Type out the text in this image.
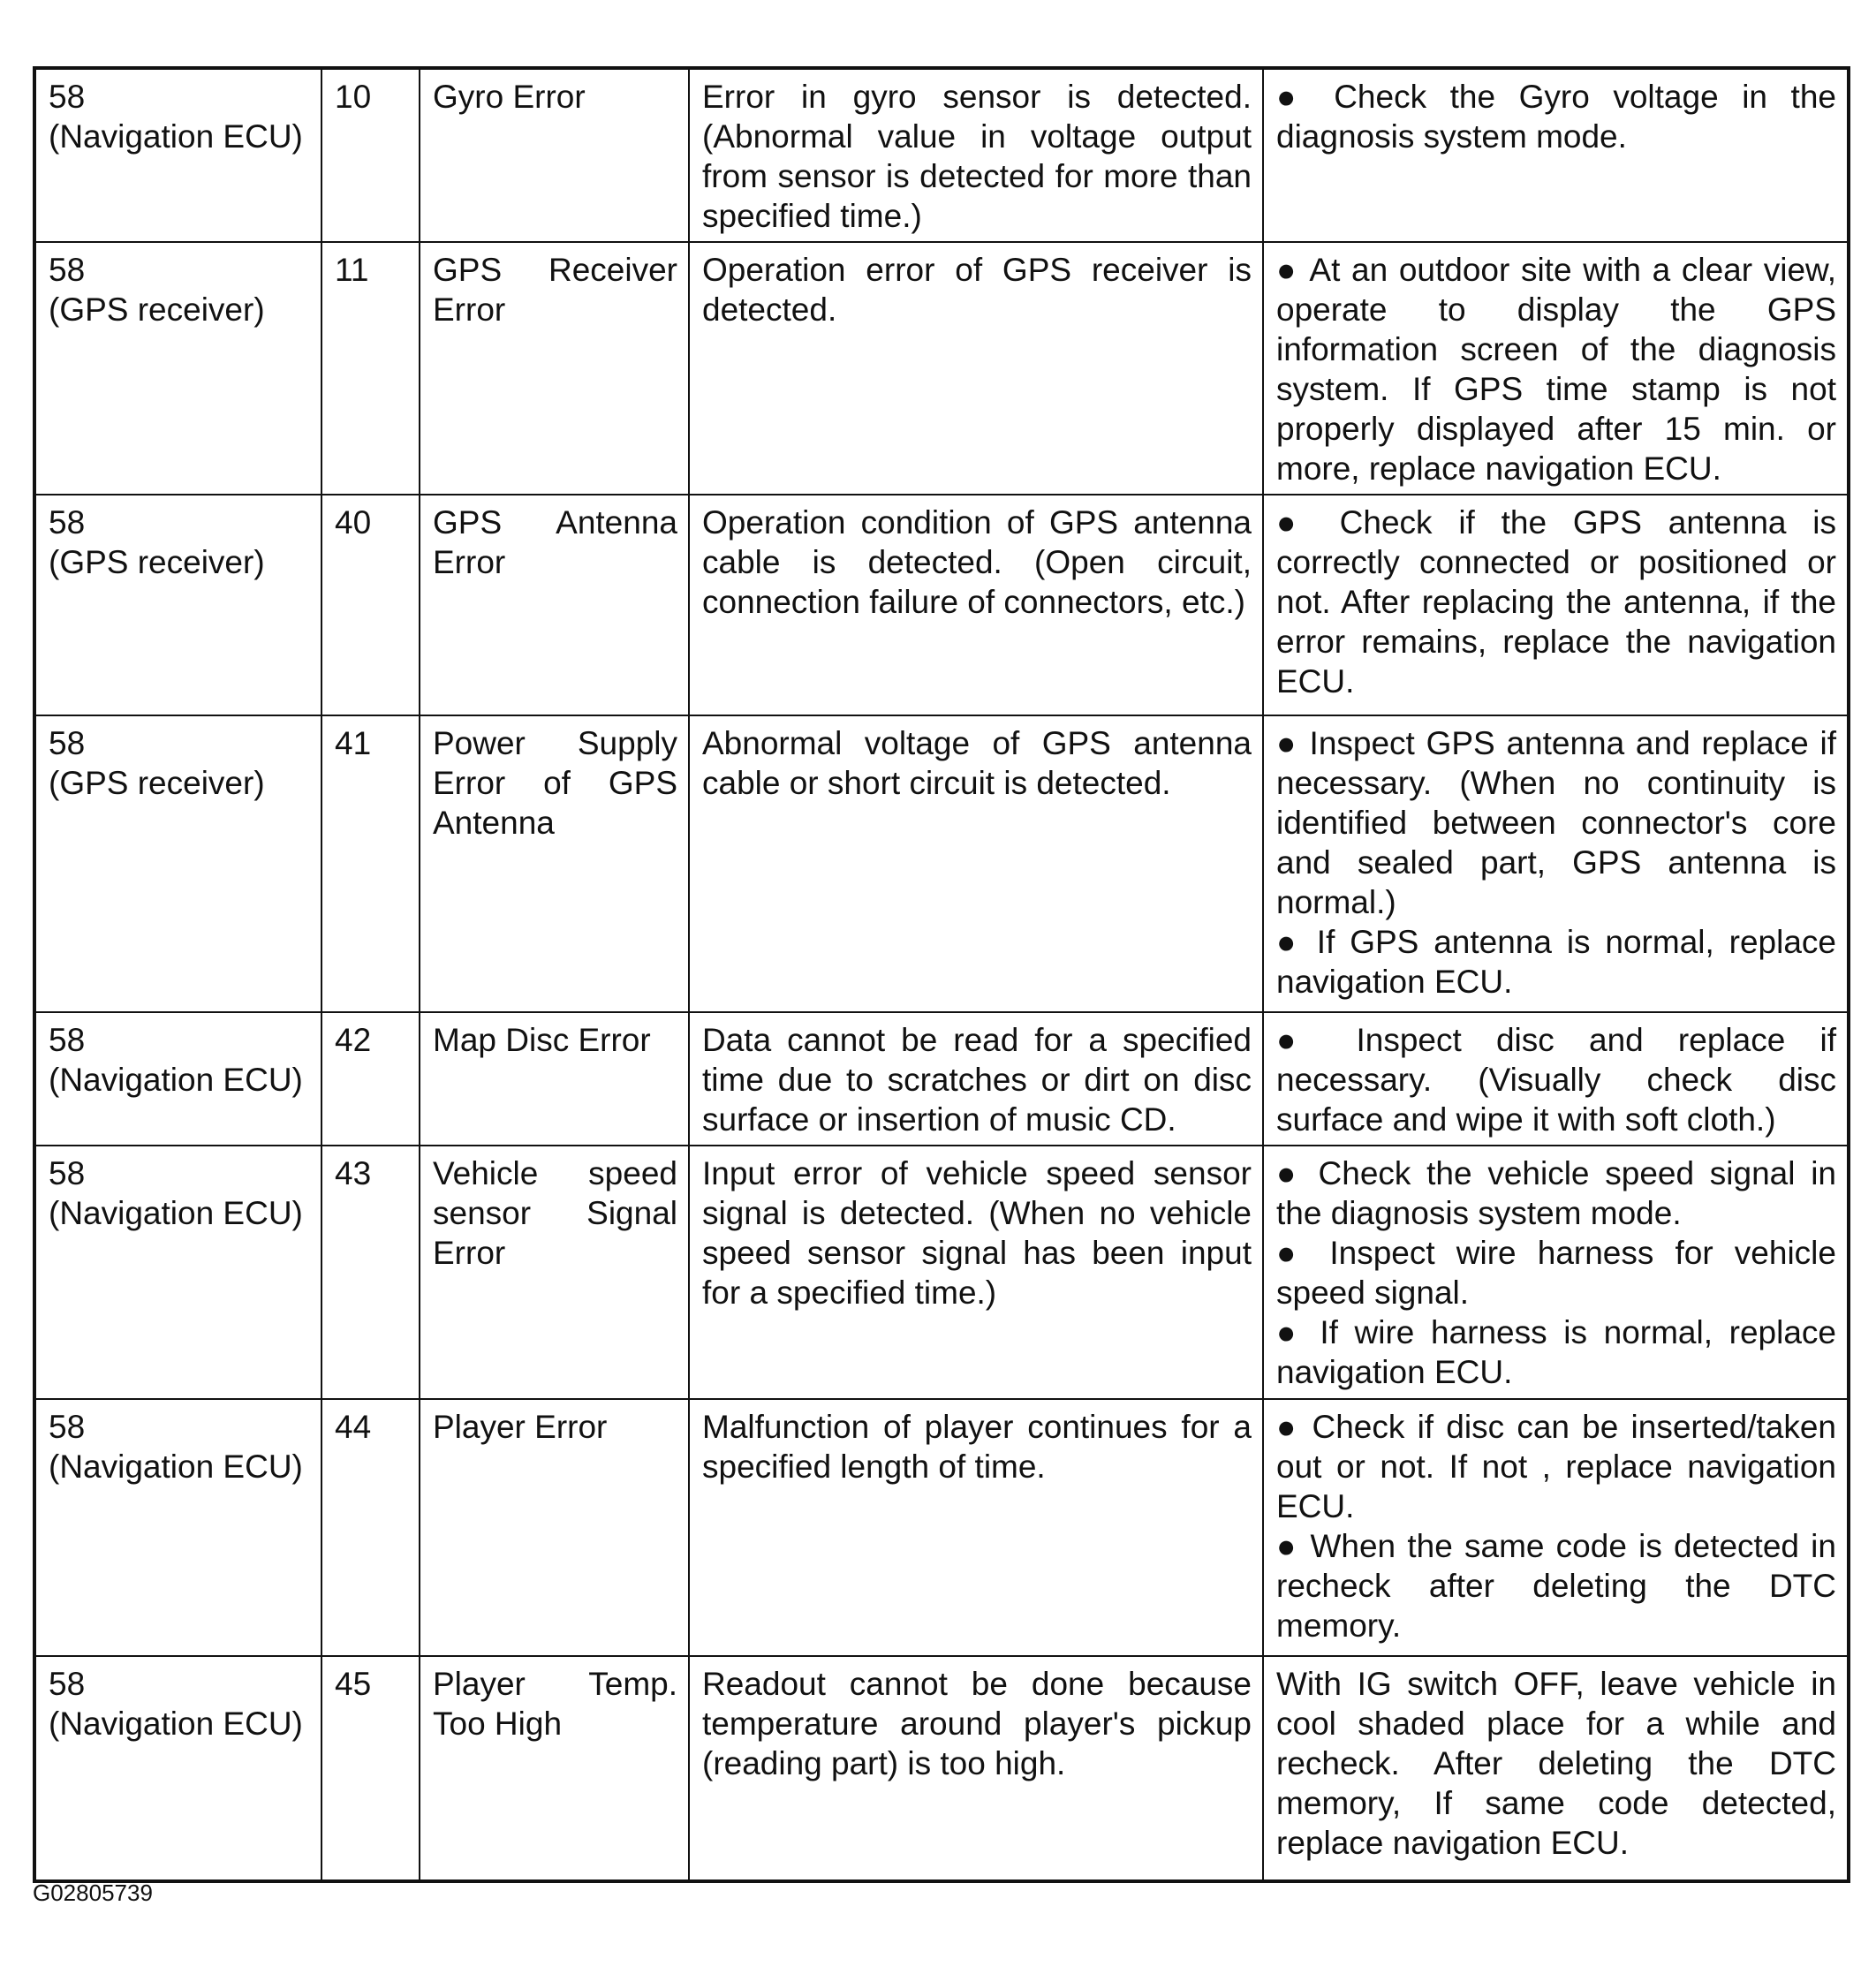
58
(Navigation ECU)	10	Gyro Error	Error in gyro sensor is detected. (Abnormal value in voltage output from sensor is detected for more than specified time.)	● Check the Gyro voltage in the diagnosis system mode.

58
(GPS receiver)	11	GPS Receiver Error	Operation error of GPS receiver is detected.	● At an outdoor site with a clear view, operate to display the GPS information screen of the diagnosis system. If GPS time stamp is not properly displayed after 15 min. or more, replace navigation ECU.

58
(GPS receiver)	40	GPS Antenna Error	Operation condition of GPS antenna cable is detected. (Open circuit, connection failure of connectors, etc.)	● Check if the GPS antenna is correctly connected or positioned or not. After replacing the antenna, if the error remains, replace the navigation ECU.

58
(GPS receiver)	41	Power Supply Error of GPS Antenna	Abnormal voltage of GPS antenna cable or short circuit is detected.	● Inspect GPS antenna and replace if necessary. (When no continuity is identified between connector's core and sealed part, GPS antenna is normal.)
● If GPS antenna is normal, replace navigation ECU.

58
(Navigation ECU)	42	Map Disc Error	Data cannot be read for a specified time due to scratches or dirt on disc surface or insertion of music CD.	● Inspect disc and replace if necessary. (Visually check disc surface and wipe it with soft cloth.)

58
(Navigation ECU)	43	Vehicle speed sensor Signal Error	Input error of vehicle speed sensor signal is detected. (When no vehicle speed sensor signal has been input for a specified time.)	● Check the vehicle speed signal in the diagnosis system mode.
● Inspect wire harness for vehicle speed signal.
● If wire harness is normal, replace navigation ECU.

58
(Navigation ECU)	44	Player Error	Malfunction of player continues for a specified length of time.	● Check if disc can be inserted/taken out or not. If not , replace navigation ECU.
● When the same code is detected in recheck after deleting the DTC memory.

58
(Navigation ECU)	45	Player Temp. Too High	Readout cannot be done because temperature around player's pickup (reading part) is too high.	With IG switch OFF, leave vehicle in cool shaded place for a while and recheck. After deleting the DTC memory, If same code detected, replace navigation ECU.
G02805739
